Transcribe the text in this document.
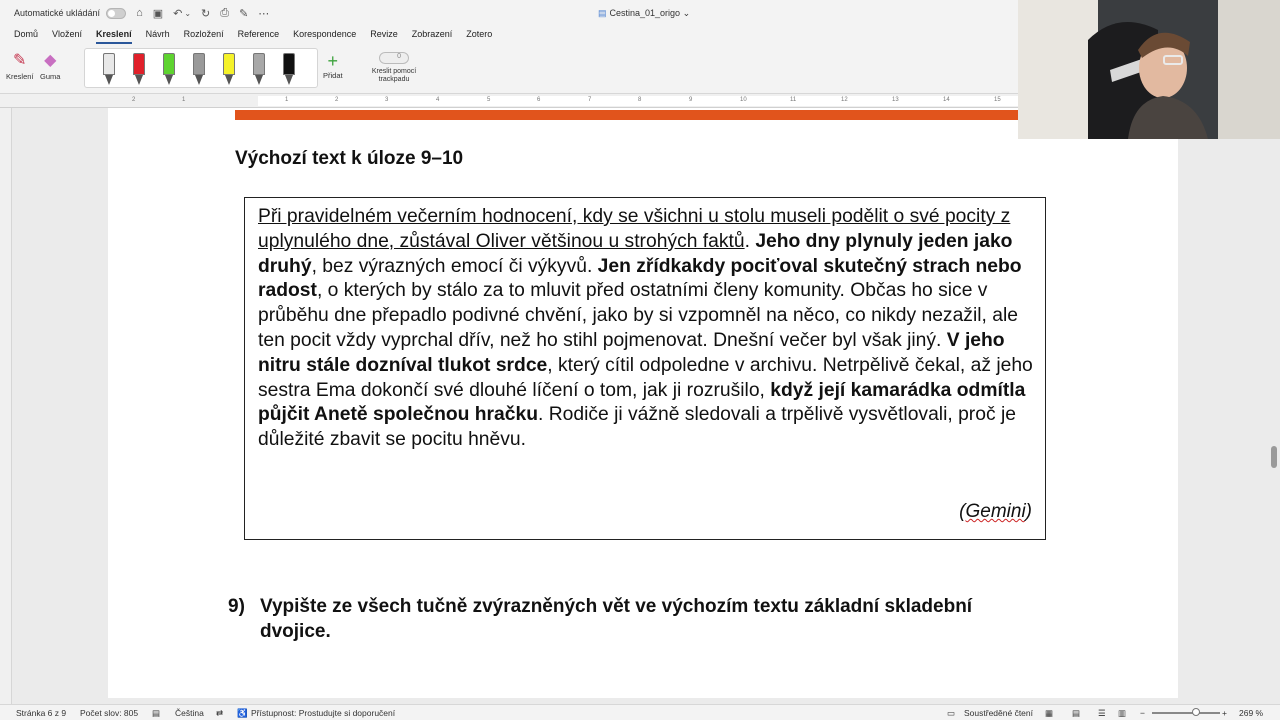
Automatické ukládání	⌂ ▣ ↶ ⌄ ↻ ⎙ ✎ ⋯	▤ Cestina_01_origo ⌄
Domů Vložení Kreslení Návrh Rozložení Reference Korespondence Revize Zobrazení Zotero
✎
Kreslení
◆
Guma
+
Přidat
0	Kreslit pomocí trackpadu
2	1	1	2	3	4	5	6	7	8	9	10	11	12	13	14	15
Výchozí text k úloze 9–10
Při pravidelném večerním hodnocení, kdy se všichni u stolu museli podělit o své pocity z uplynulého dne, zůstával Oliver většinou u strohých faktů. Jeho dny plynuly jeden jako druhý, bez výrazných emocí či výkyvů. Jen zřídkakdy pociťoval skutečný strach nebo radost, o kterých by stálo za to mluvit před ostatními členy komunity. Občas ho sice v průběhu dne přepadlo podivné chvění, jako by si vzpomněl na něco, co nikdy nezažil, ale ten pocit vždy vyprchal dřív, než ho stihl pojmenovat. Dnešní večer byl však jiný. V jeho nitru stále dozníval tlukot srdce, který cítil odpoledne v archivu. Netrpělivě čekal, až jeho sestra Ema dokončí své dlouhé líčení o tom, jak ji rozrušilo, když její kamarádka odmítla půjčit Anetě společnou hračku. Rodiče ji vážně sledovali a trpělivě vysvětlovali, proč je důležité zbavit se pocitu hněvu.
(Gemini)
9) Vypište ze všech tučně zvýrazněných vět ve výchozím textu základní skladební dvojice.
Stránka 6 z 9 Počet slov: 805 ▤ Čeština ⇄ ♿ Přístupnost: Prostudujte si doporučení	▭ Soustředěné čtení ▦ ▤ ☰ ▥ −	+ 269 %
